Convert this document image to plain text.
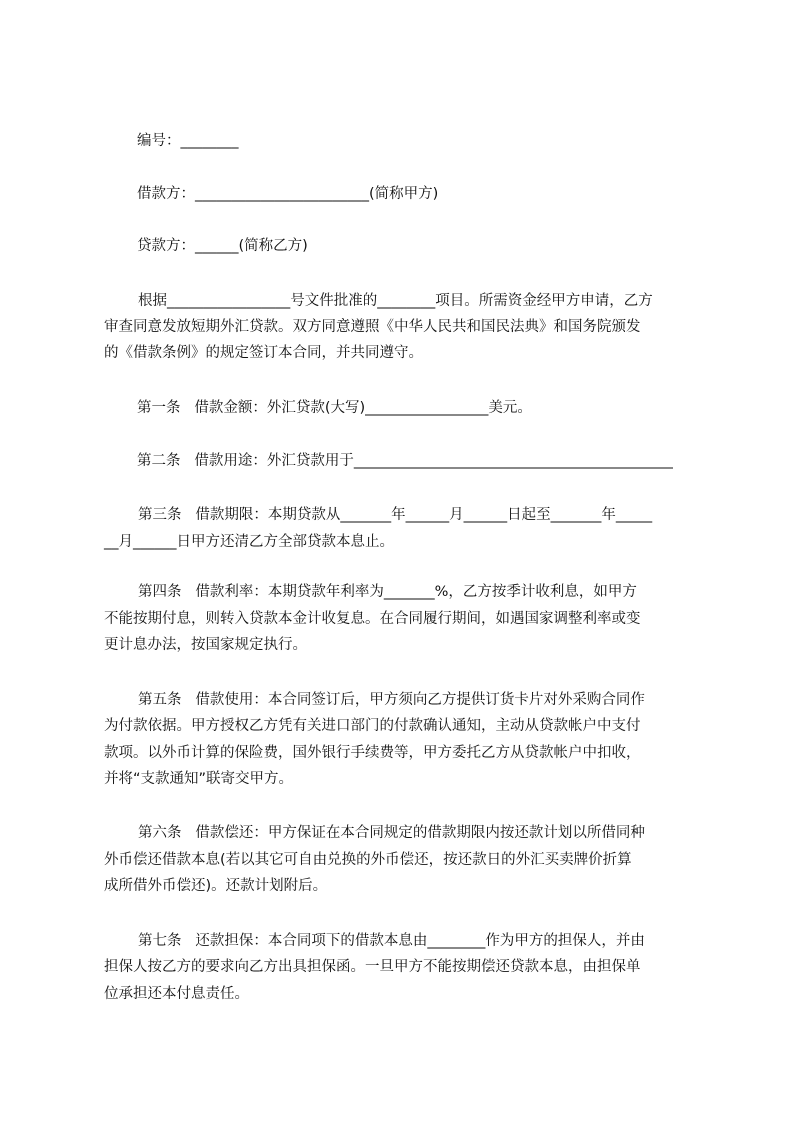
编号：________
借款方：________________________(简称甲方)
贷款方：______(简称乙方)
根据_________________号文件批准的________项目。所需资金经甲方申请，乙方
审查同意发放短期外汇贷款。双方同意遵照《中华人民共和国民法典》和国务院颁发
的《借款条例》的规定签订本合同，并共同遵守。
第一条   借款金额：外汇贷款(大写)_________________美元。
第二条   借款用途：外汇贷款用于____________________________________________
第三条   借款期限：本期贷款从_______年______月______日起至_______年_____
__月______日甲方还清乙方全部贷款本息止。
第四条   借款利率：本期贷款年利率为_______%，乙方按季计收利息，如甲方
不能按期付息，则转入贷款本金计收复息。在合同履行期间，如遇国家调整利率或变
更计息办法，按国家规定执行。
第五条   借款使用：本合同签订后，甲方须向乙方提供订货卡片对外采购合同作
为付款依据。甲方授权乙方凭有关进口部门的付款确认通知，主动从贷款帐户中支付
款项。以外币计算的保险费，国外银行手续费等，甲方委托乙方从贷款帐户中扣收，
并将“支款通知”联寄交甲方。
第六条   借款偿还：甲方保证在本合同规定的借款期限内按还款计划以所借同种
外币偿还借款本息(若以其它可自由兑换的外币偿还，按还款日的外汇买卖牌价折算
成所借外币偿还)。还款计划附后。
第七条   还款担保：本合同项下的借款本息由________作为甲方的担保人，并由
担保人按乙方的要求向乙方出具担保函。一旦甲方不能按期偿还贷款本息，由担保单
位承担还本付息责任。
